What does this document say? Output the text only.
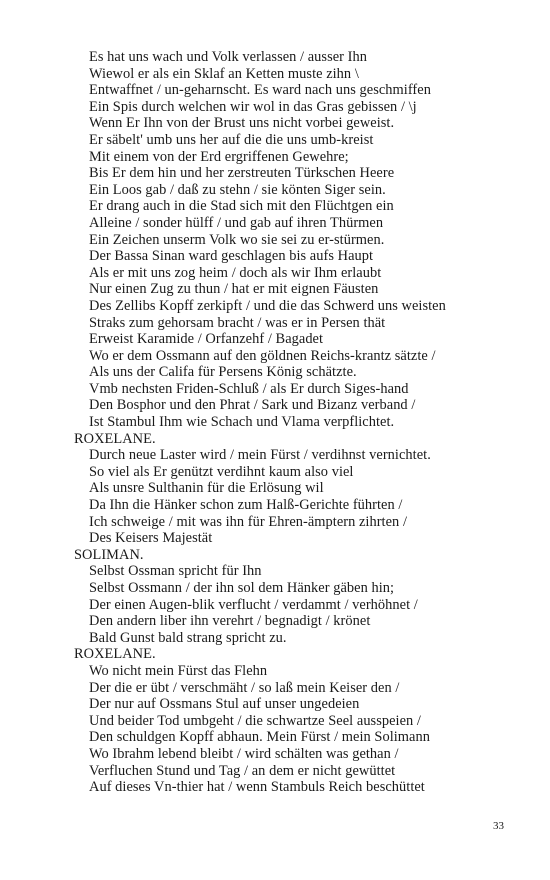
Es hat uns wach und Volk verlassen / ausser Ihn
Wiewol er als ein Sklaf an Ketten muste zihn \
Entwaffnet / un-geharnscht. Es ward nach uns geschmiffen
Ein Spis durch welchen wir wol in das Gras gebissen / \j
Wenn Er Ihn von der Brust uns nicht vorbei geweist.
Er säbelt' umb uns her auf die die uns umb-kreist
Mit einem von der Erd ergriffenen Gewehre;
Bis Er dem hin und her zerstreuten Türkschen Heere
Ein Loos gab / daß zu stehn / sie könten Siger sein.
Er drang auch in die Stad sich mit den Flüchtgen ein
Alleine / sonder hülff / und gab auf ihren Thürmen
Ein Zeichen unserm Volk wo sie sei zu er-stürmen.
Der Bassa Sinan ward geschlagen bis aufs Haupt
Als er mit uns zog heim / doch als wir Ihm erlaubt
Nur einen Zug zu thun / hat er mit eignen Fäusten
Des Zellibs Kopff zerkipft / und die das Schwerd uns weisten
Straks zum gehorsam bracht / was er in Persen thät
Erweist Karamide / Orfanzehf / Bagadet
Wo er dem Ossmann auf den göldnen Reichs-krantz sätzte /
Als uns der Califa für Persens König schätzte.
Vmb nechsten Friden-Schluß / als Er durch Siges-hand
Den Bosphor und den Phrat / Sark und Bizanz verband /
Ist Stambul Ihm wie Schach und Vlama verpflichtet.
ROXELANE.
Durch neue Laster wird / mein Fürst / verdihnst vernichtet.
So viel als Er genützt verdihnt kaum also viel
Als unsre Sulthanin für die Erlösung wil
Da Ihn die Hänker schon zum Halß-Gerichte führten /
Ich schweige / mit was ihn für Ehren-ämptern zihrten /
Des Keisers Majestät
SOLIMAN.
Selbst Ossman spricht für Ihn
Selbst Ossmann / der ihn sol dem Hänker gäben hin;
Der einen Augen-blik verflucht / verdammt / verhöhnet /
Den andern liber ihn verehrt / begnadigt / krönet
Bald Gunst bald strang spricht zu.
ROXELANE.
Wo nicht mein Fürst das Flehn
Der die er übt / verschmäht / so laß mein Keiser den /
Der nur auf Ossmans Stul auf unser ungedeien
Und beider Tod umbgeht / die schwartze Seel ausspeien /
Den schuldgen Kopff abhaun. Mein Fürst / mein Solimann
Wo Ibrahm lebend bleibt / wird schälten was gethan /
Verfluchen Stund und Tag / an dem er nicht gewüttet
Auf dieses Vn-thier hat / wenn Stambuls Reich beschüttet
33
